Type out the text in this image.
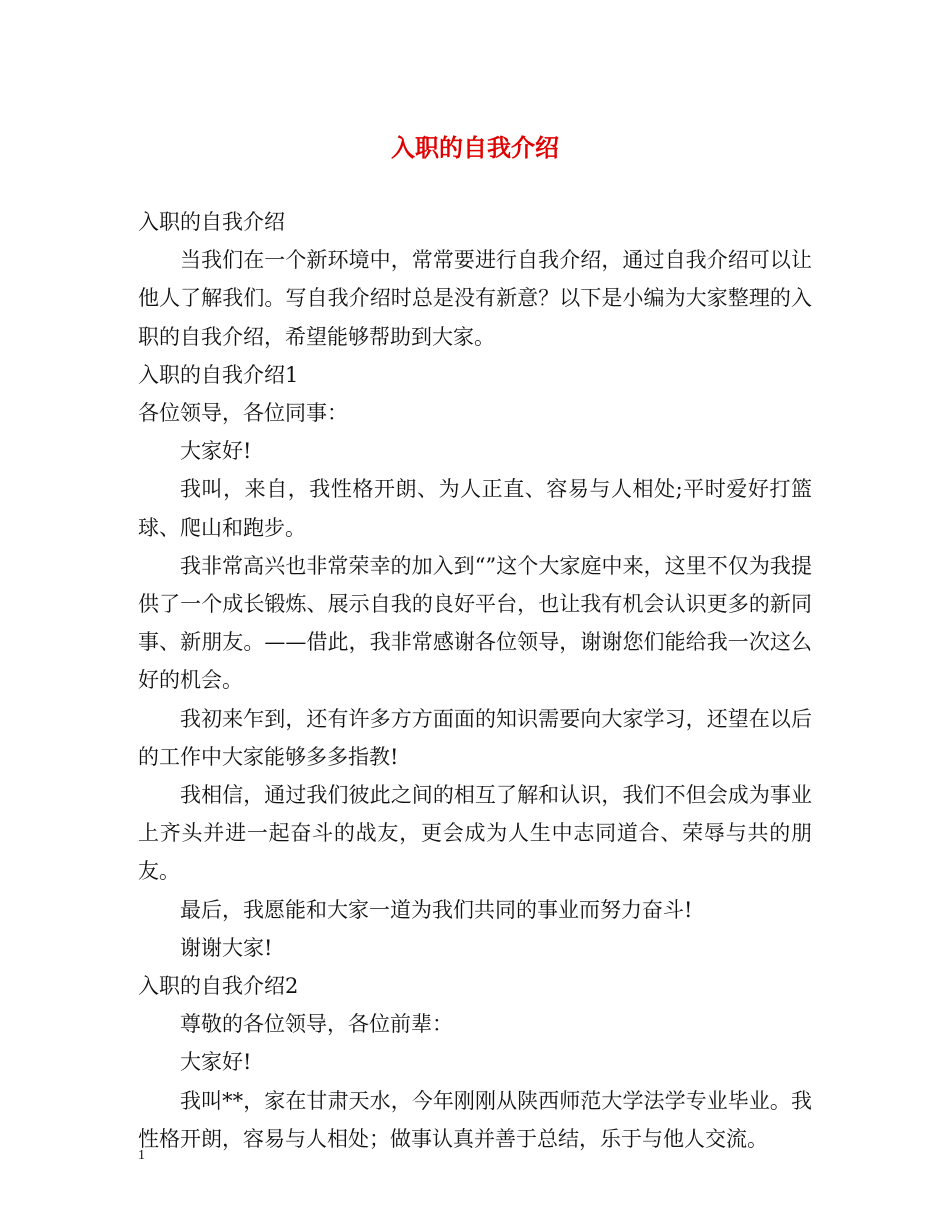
入职的自我介绍

入职的自我介绍

当我们在一个新环境中，常常要进行自我介绍，通过自我介绍可以让他人了解我们。写自我介绍时总是没有新意？以下是小编为大家整理的入职的自我介绍，希望能够帮助到大家。

入职的自我介绍1

各位领导，各位同事：

大家好!

我叫，来自，我性格开朗、为人正直、容易与人相处;平时爱好打篮球、爬山和跑步。

我非常高兴也非常荣幸的加入到“”这个大家庭中来，这里不仅为我提供了一个成长锻炼、展示自我的良好平台，也让我有机会认识更多的新同事、新朋友。——借此，我非常感谢各位领导，谢谢您们能给我一次这么好的机会。

我初来乍到，还有许多方方面面的知识需要向大家学习，还望在以后的工作中大家能够多多指教!

我相信，通过我们彼此之间的相互了解和认识，我们不但会成为事业上齐头并进一起奋斗的战友，更会成为人生中志同道合、荣辱与共的朋友。

最后，我愿能和大家一道为我们共同的事业而努力奋斗!

谢谢大家!

入职的自我介绍2

尊敬的各位领导，各位前辈：

大家好!

我叫**，家在甘肃天水，今年刚刚从陕西师范大学法学专业毕业。我性格开朗，容易与人相处；做事认真并善于总结，乐于与他人交流。

1
